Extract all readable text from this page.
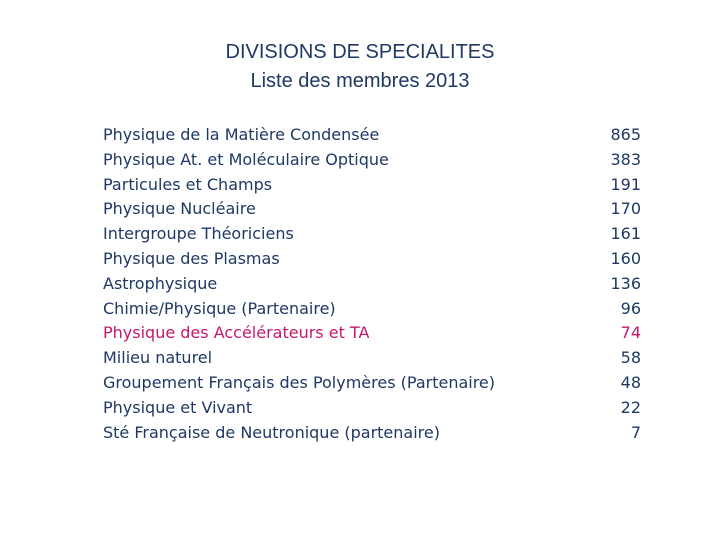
DIVISIONS DE SPECIALITES
Liste des membres 2013
Physique de la Matière Condensée	865
Physique At. et Moléculaire Optique	383
Particules et Champs	191
Physique Nucléaire	170
Intergroupe Théoriciens	161
Physique des Plasmas	160
Astrophysique	136
Chimie/Physique (Partenaire)	96
Physique des Accélérateurs et TA	74
Milieu naturel	58
Groupement Français des Polymères (Partenaire)	48
Physique et Vivant	22
Sté Française de Neutronique (partenaire)	7
